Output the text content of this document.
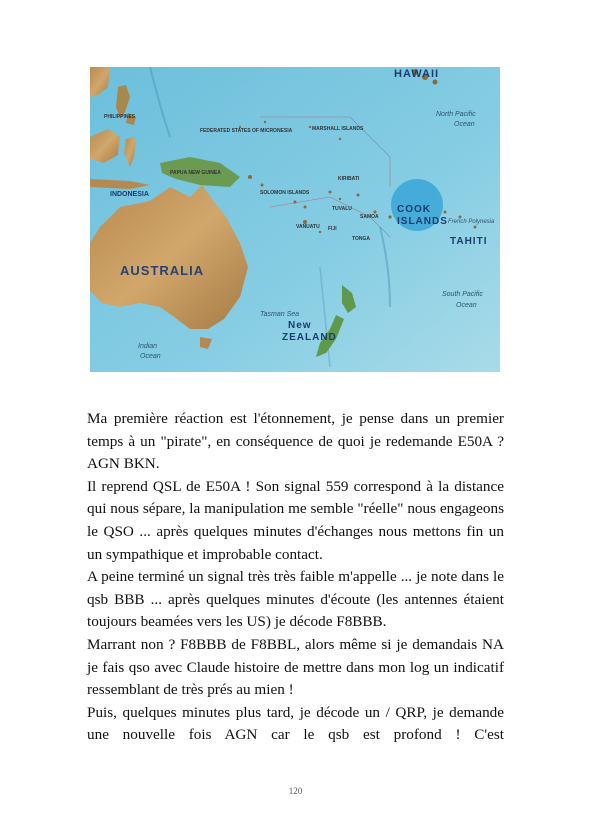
HAWAII
North Pacific
Ocean
PHILIPPINES
FEDERATED STATES OF MICRONESIA	MARSHALL ISLANDS
INDONESIA
PAPUA NEW GUINEA
SOLOMON ISLANDS
KIRIBATI
TUVALU
SAMOA
VANUATU FIJI
TONGA
COOK
ISLANDS French Polynesia
TAHITI
AUSTRALIA
South Pacific
Ocean
Indian
Ocean
Tasman Sea
New
ZEALAND

Ma première réaction est l'étonnement, je pense dans un premier temps à un "pirate", en conséquence de quoi je redemande E50A ? AGN BKN.

Il reprend QSL de E50A ! Son signal 559 correspond à la distance qui nous sépare, la manipulation me semble "réelle" nous engageons le QSO ... après quelques minutes d'échanges nous mettons fin un un sympathique et improbable contact.

A peine terminé un signal très très faible m'appelle ... je note dans le qsb BBB ... après quelques minutes d'écoute (les antennes étaient toujours beamées vers les US) je décode F8BBB.

Marrant non ? F8BBB de F8BBL, alors même si je demandais NA je fais qso avec Claude histoire de mettre dans mon log un indicatif ressemblant de très prés au mien !

Puis, quelques minutes plus tard, je décode un / QRP, je demande une nouvelle fois AGN car le qsb est profond ! C'est

120
